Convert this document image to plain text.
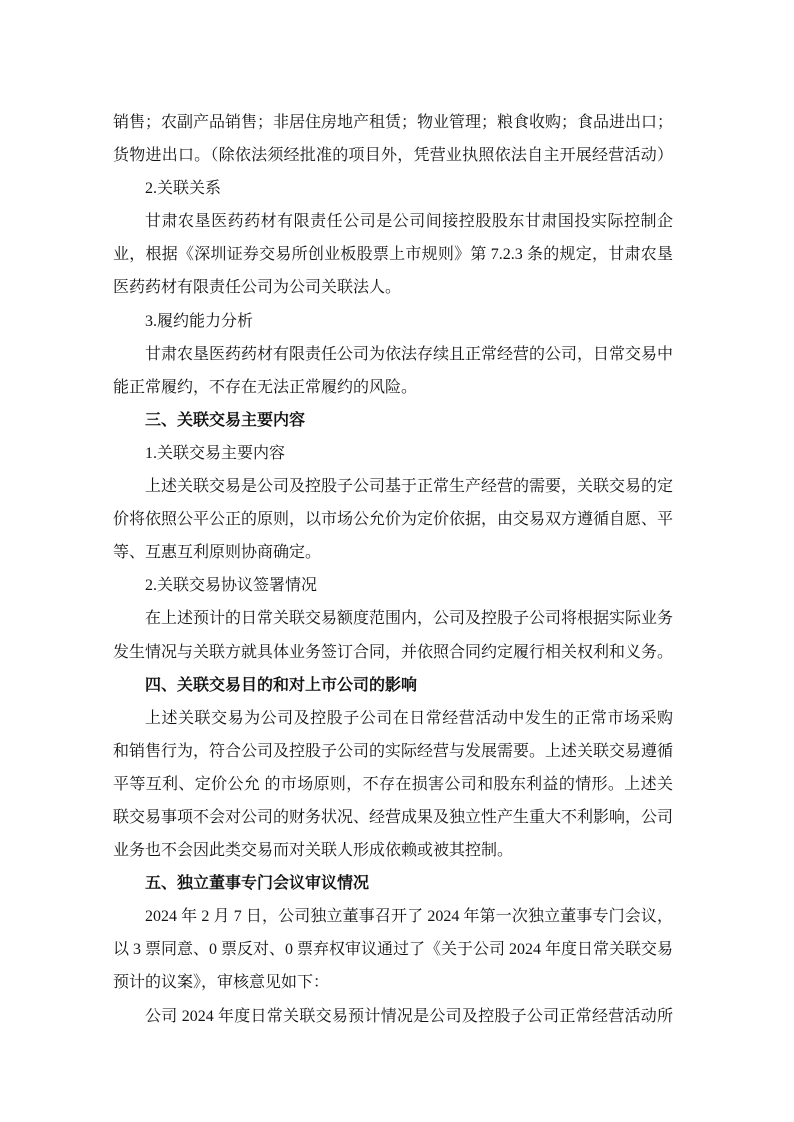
销售；农副产品销售；非居住房地产租赁；物业管理；粮食收购；食品进出口；
货物进出口。（除依法须经批准的项目外，凭营业执照依法自主开展经营活动）
2.关联关系
甘肃农垦医药药材有限责任公司是公司间接控股股东甘肃国投实际控制企
业，根据《深圳证券交易所创业板股票上市规则》第 7.2.3 条的规定，甘肃农垦
医药药材有限责任公司为公司关联法人。
3.履约能力分析
甘肃农垦医药药材有限责任公司为依法存续且正常经营的公司，日常交易中
能正常履约，不存在无法正常履约的风险。
三、关联交易主要内容
1.关联交易主要内容
上述关联交易是公司及控股子公司基于正常生产经营的需要，关联交易的定
价将依照公平公正的原则，以市场公允价为定价依据，由交易双方遵循自愿、平
等、互惠互利原则协商确定。
2.关联交易协议签署情况
在上述预计的日常关联交易额度范围内，公司及控股子公司将根据实际业务
发生情况与关联方就具体业务签订合同，并依照合同约定履行相关权利和义务。
四、关联交易目的和对上市公司的影响
上述关联交易为公司及控股子公司在日常经营活动中发生的正常市场采购
和销售行为，符合公司及控股子公司的实际经营与发展需要。上述关联交易遵循
平等互利、定价公允 的市场原则，不存在损害公司和股东利益的情形。上述关
联交易事项不会对公司的财务状况、经营成果及独立性产生重大不利影响，公司
业务也不会因此类交易而对关联人形成依赖或被其控制。
五、独立董事专门会议审议情况
2024 年 2 月 7 日，公司独立董事召开了 2024 年第一次独立董事专门会议，
以 3 票同意、0 票反对、0 票弃权审议通过了《关于公司 2024 年度日常关联交易
预计的议案》，审核意见如下：
公司 2024 年度日常关联交易预计情况是公司及控股子公司正常经营活动所
